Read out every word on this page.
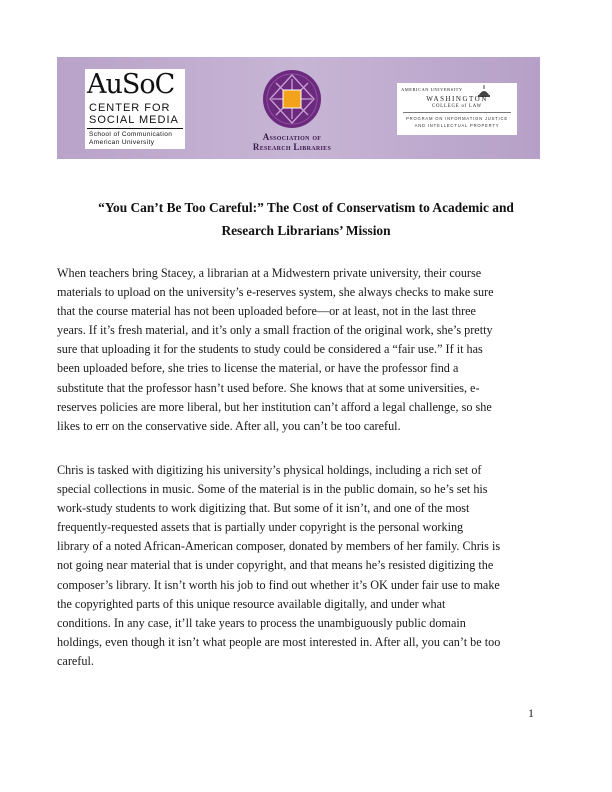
AuSoC
CENTER FOR
SOCIAL MEDIA
School of Communication
American University
Association of
Research Libraries
AMERICAN UNIVERSITY
WASHINGTON
COLLEGE of LAW
PROGRAM ON INFORMATION JUSTICE
AND INTELLECTUAL PROPERTY
“You Can’t Be Too Careful:” The Cost of Conservatism to Academic and
Research Librarians’ Mission
When teachers bring Stacey, a librarian at a Midwestern private university, their course
materials to upload on the university’s e-reserves system, she always checks to make sure
that the course material has not been uploaded before—or at least, not in the last three
years. If it’s fresh material, and it’s only a small fraction of the original work, she’s pretty
sure that uploading it for the students to study could be considered a “fair use.” If it has
been uploaded before, she tries to license the material, or have the professor find a
substitute that the professor hasn’t used before. She knows that at some universities, e-
reserves policies are more liberal, but her institution can’t afford a legal challenge, so she
likes to err on the conservative side. After all, you can’t be too careful.
Chris is tasked with digitizing his university’s physical holdings, including a rich set of
special collections in music. Some of the material is in the public domain, so he’s set his
work-study students to work digitizing that. But some of it isn’t, and one of the most
frequently-requested assets that is partially under copyright is the personal working
library of a noted African-American composer, donated by members of her family. Chris is
not going near material that is under copyright, and that means he’s resisted digitizing the
composer’s library. It isn’t worth his job to find out whether it’s OK under fair use to make
the copyrighted parts of this unique resource available digitally, and under what
conditions. In any case, it’ll take years to process the unambiguously public domain
holdings, even though it isn’t what people are most interested in. After all, you can’t be too
careful.
1
